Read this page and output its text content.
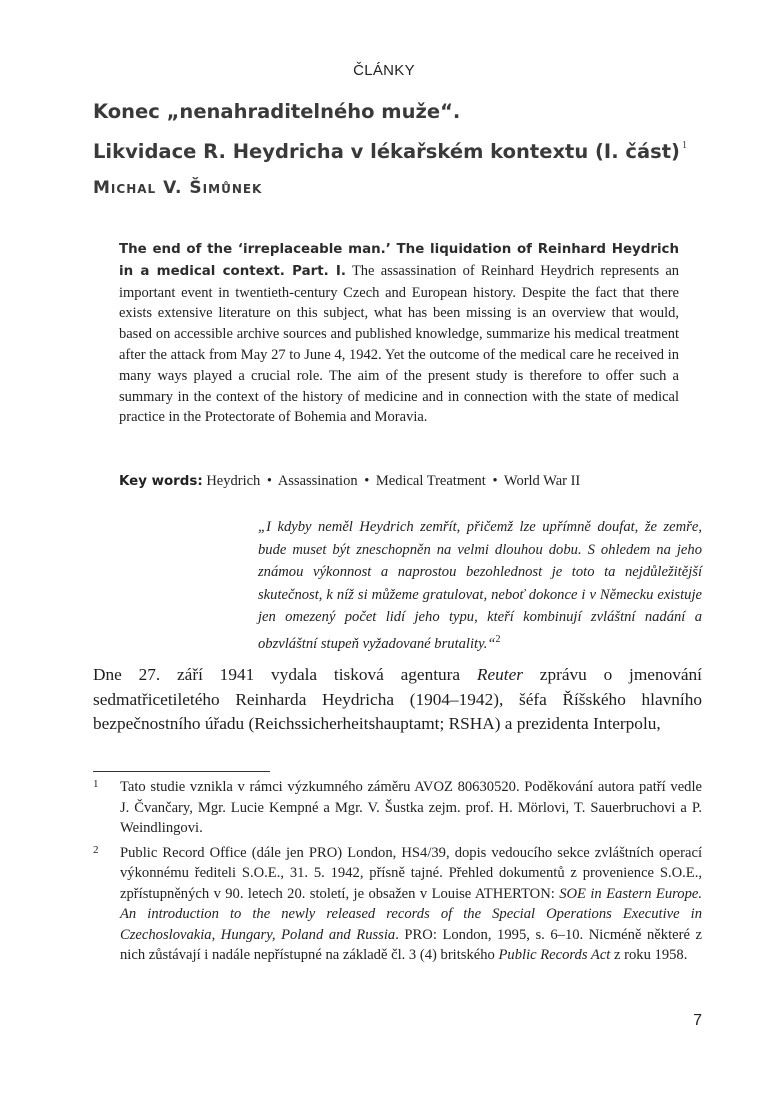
ČLÁNKY
Konec „nenahraditelného muže“.
Likvidace R. Heydricha v lékařském kontextu (I. část) $^1$
Michal V. Šimůnek
The end of the ‘irreplaceable man.’ The liquidation of Reinhard Heydrich in a medical context. Part. I. The assassination of Reinhard Heydrich represents an important event in twentieth-century Czech and European history. Despite the fact that there exists extensive literature on this subject, what has been missing is an overview that would, based on accessible archive sources and published knowledge, summarize his medical treatment after the attack from May 27 to June 4, 1942. Yet the outcome of the medical care he received in many ways played a crucial role. The aim of the present study is therefore to offer such a summary in the context of the history of medicine and in connection with the state of medical practice in the Protectorate of Bohemia and Moravia.
Key words: Heydrich • Assassination • Medical Treatment • World War II
„I kdyby neměl Heydrich zemřít, přičemž lze upřímně doufat, že zemře, bude muset být zneschopněn na velmi dlouhou dobu. S ohledem na jeho známou výkonnost a naprostou bezohlednost je toto ta nejdůležitější skutečnost, k níž si můžeme gratulovat, neboť dokonce i v Německu existuje jen omezený počet lidí jeho typu, kteří kombinují zvláštní nadání a obzvláštní stupeň vyžadované brutality.“$^2$
Dne 27. září 1941 vydala tisková agentura Reuter zprávu o jmenování sedmatřicetiletého Reinharda Heydricha (1904–1942), šéfa Říšského hlavního bezpečnostního úřadu (Reichssicherheitshauptamt; RSHA) a prezidenta Interpolu,
1 Tato studie vznikla v rámci výzkumného záměru AVOZ 80630520. Poděkování autora patří vedle J. Čvančary, Mgr. Lucie Kempné a Mgr. V. Šustka zejm. prof. H. Mörlovi, T. Sauerbruchovi a P. Weindlingovi.
2 Public Record Office (dále jen PRO) London, HS4/39, dopis vedoucího sekce zvláštních operací výkonnému řediteli S.O.E., 31. 5. 1942, přísně tajné. Přehled dokumentů z provenience S.O.E., zpřístupněných v 90. letech 20. století, je obsažen v Louise ATHERTON: SOE in Eastern Europe. An introduction to the newly released records of the Special Operations Executive in Czechoslovakia, Hungary, Poland and Russia. PRO: London, 1995, s. 6–10. Nicméně některé z nich zůstávají i nadále nepřístupné na základě čl. 3 (4) britského Public Records Act z roku 1958.
7
